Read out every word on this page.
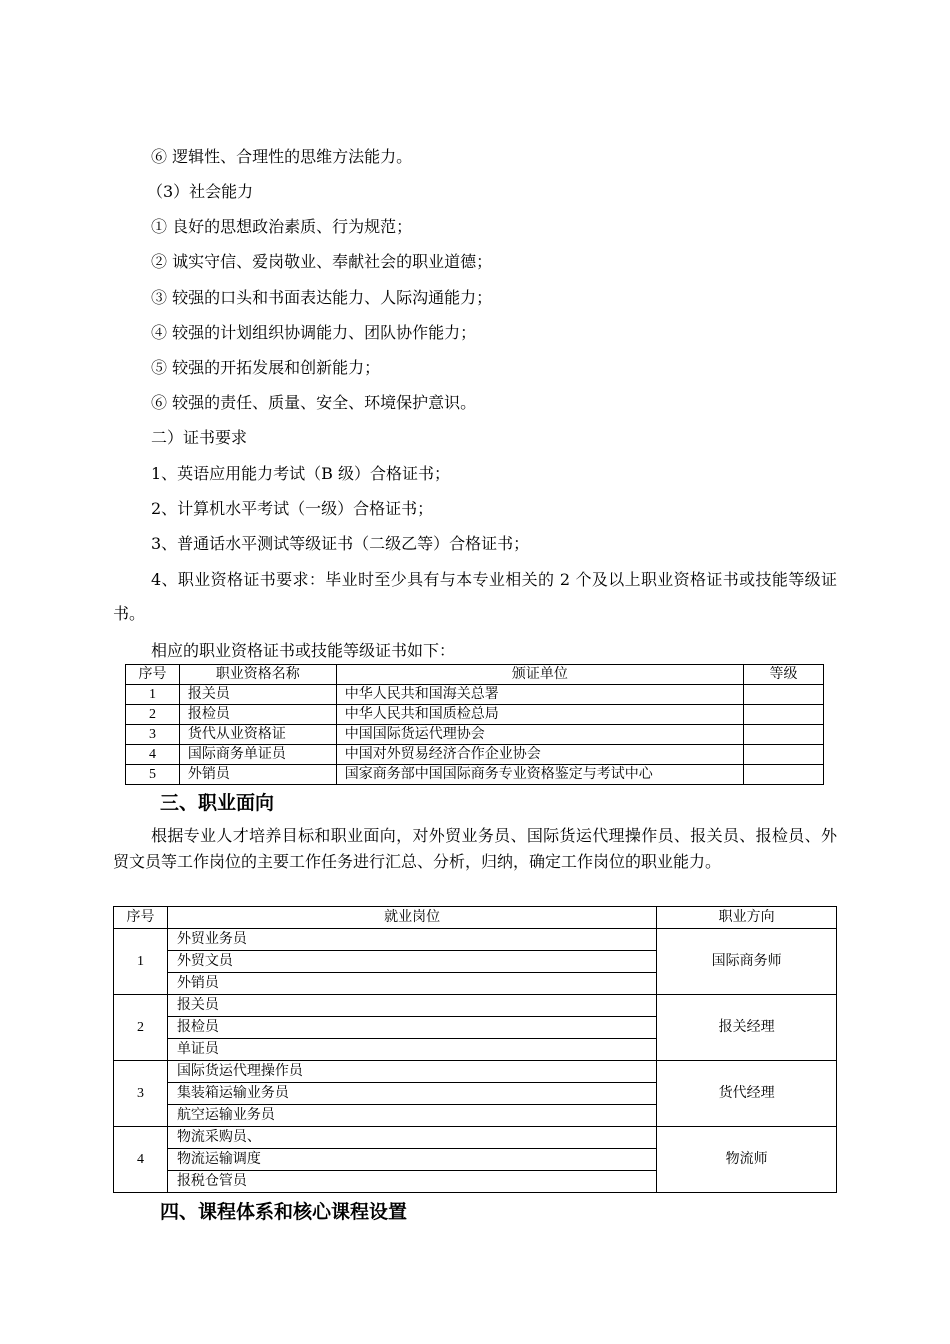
⑥ 逻辑性、合理性的思维方法能力。
（3）社会能力
① 良好的思想政治素质、行为规范；
② 诚实守信、爱岗敬业、奉献社会的职业道德；
③ 较强的口头和书面表达能力、人际沟通能力；
④ 较强的计划组织协调能力、团队协作能力；
⑤ 较强的开拓发展和创新能力；
⑥ 较强的责任、质量、安全、环境保护意识。
二）证书要求
1、英语应用能力考试（B 级）合格证书；
2、计算机水平考试（一级）合格证书；
3、普通话水平测试等级证书（二级乙等）合格证书；
4、职业资格证书要求：毕业时至少具有与本专业相关的 2 个及以上职业资格证书或技能等级证书。
相应的职业资格证书或技能等级证书如下：
序号	职业资格名称	颁证单位	等级
1	报关员	中华人民共和国海关总署	
2	报检员	中华人民共和国质检总局	
3	货代从业资格证	中国国际货运代理协会	
4	国际商务单证员	中国对外贸易经济合作企业协会	
5	外销员	国家商务部中国国际商务专业资格鉴定与考试中心	
三、职业面向
根据专业人才培养目标和职业面向，对外贸业务员、国际货运代理操作员、报关员、报检员、外贸文员等工作岗位的主要工作任务进行汇总、分析，归纳，确定工作岗位的职业能力。
序号	就业岗位	职业方向
1	外贸业务员	国际商务师
	外贸文员	
	外销员	
2	报关员	报关经理
	报检员	
	单证员	
3	国际货运代理操作员	货代经理
	集装箱运输业务员	
	航空运输业务员	
4	物流采购员、	物流师
	物流运输调度	
	报税仓管员	
四、课程体系和核心课程设置
